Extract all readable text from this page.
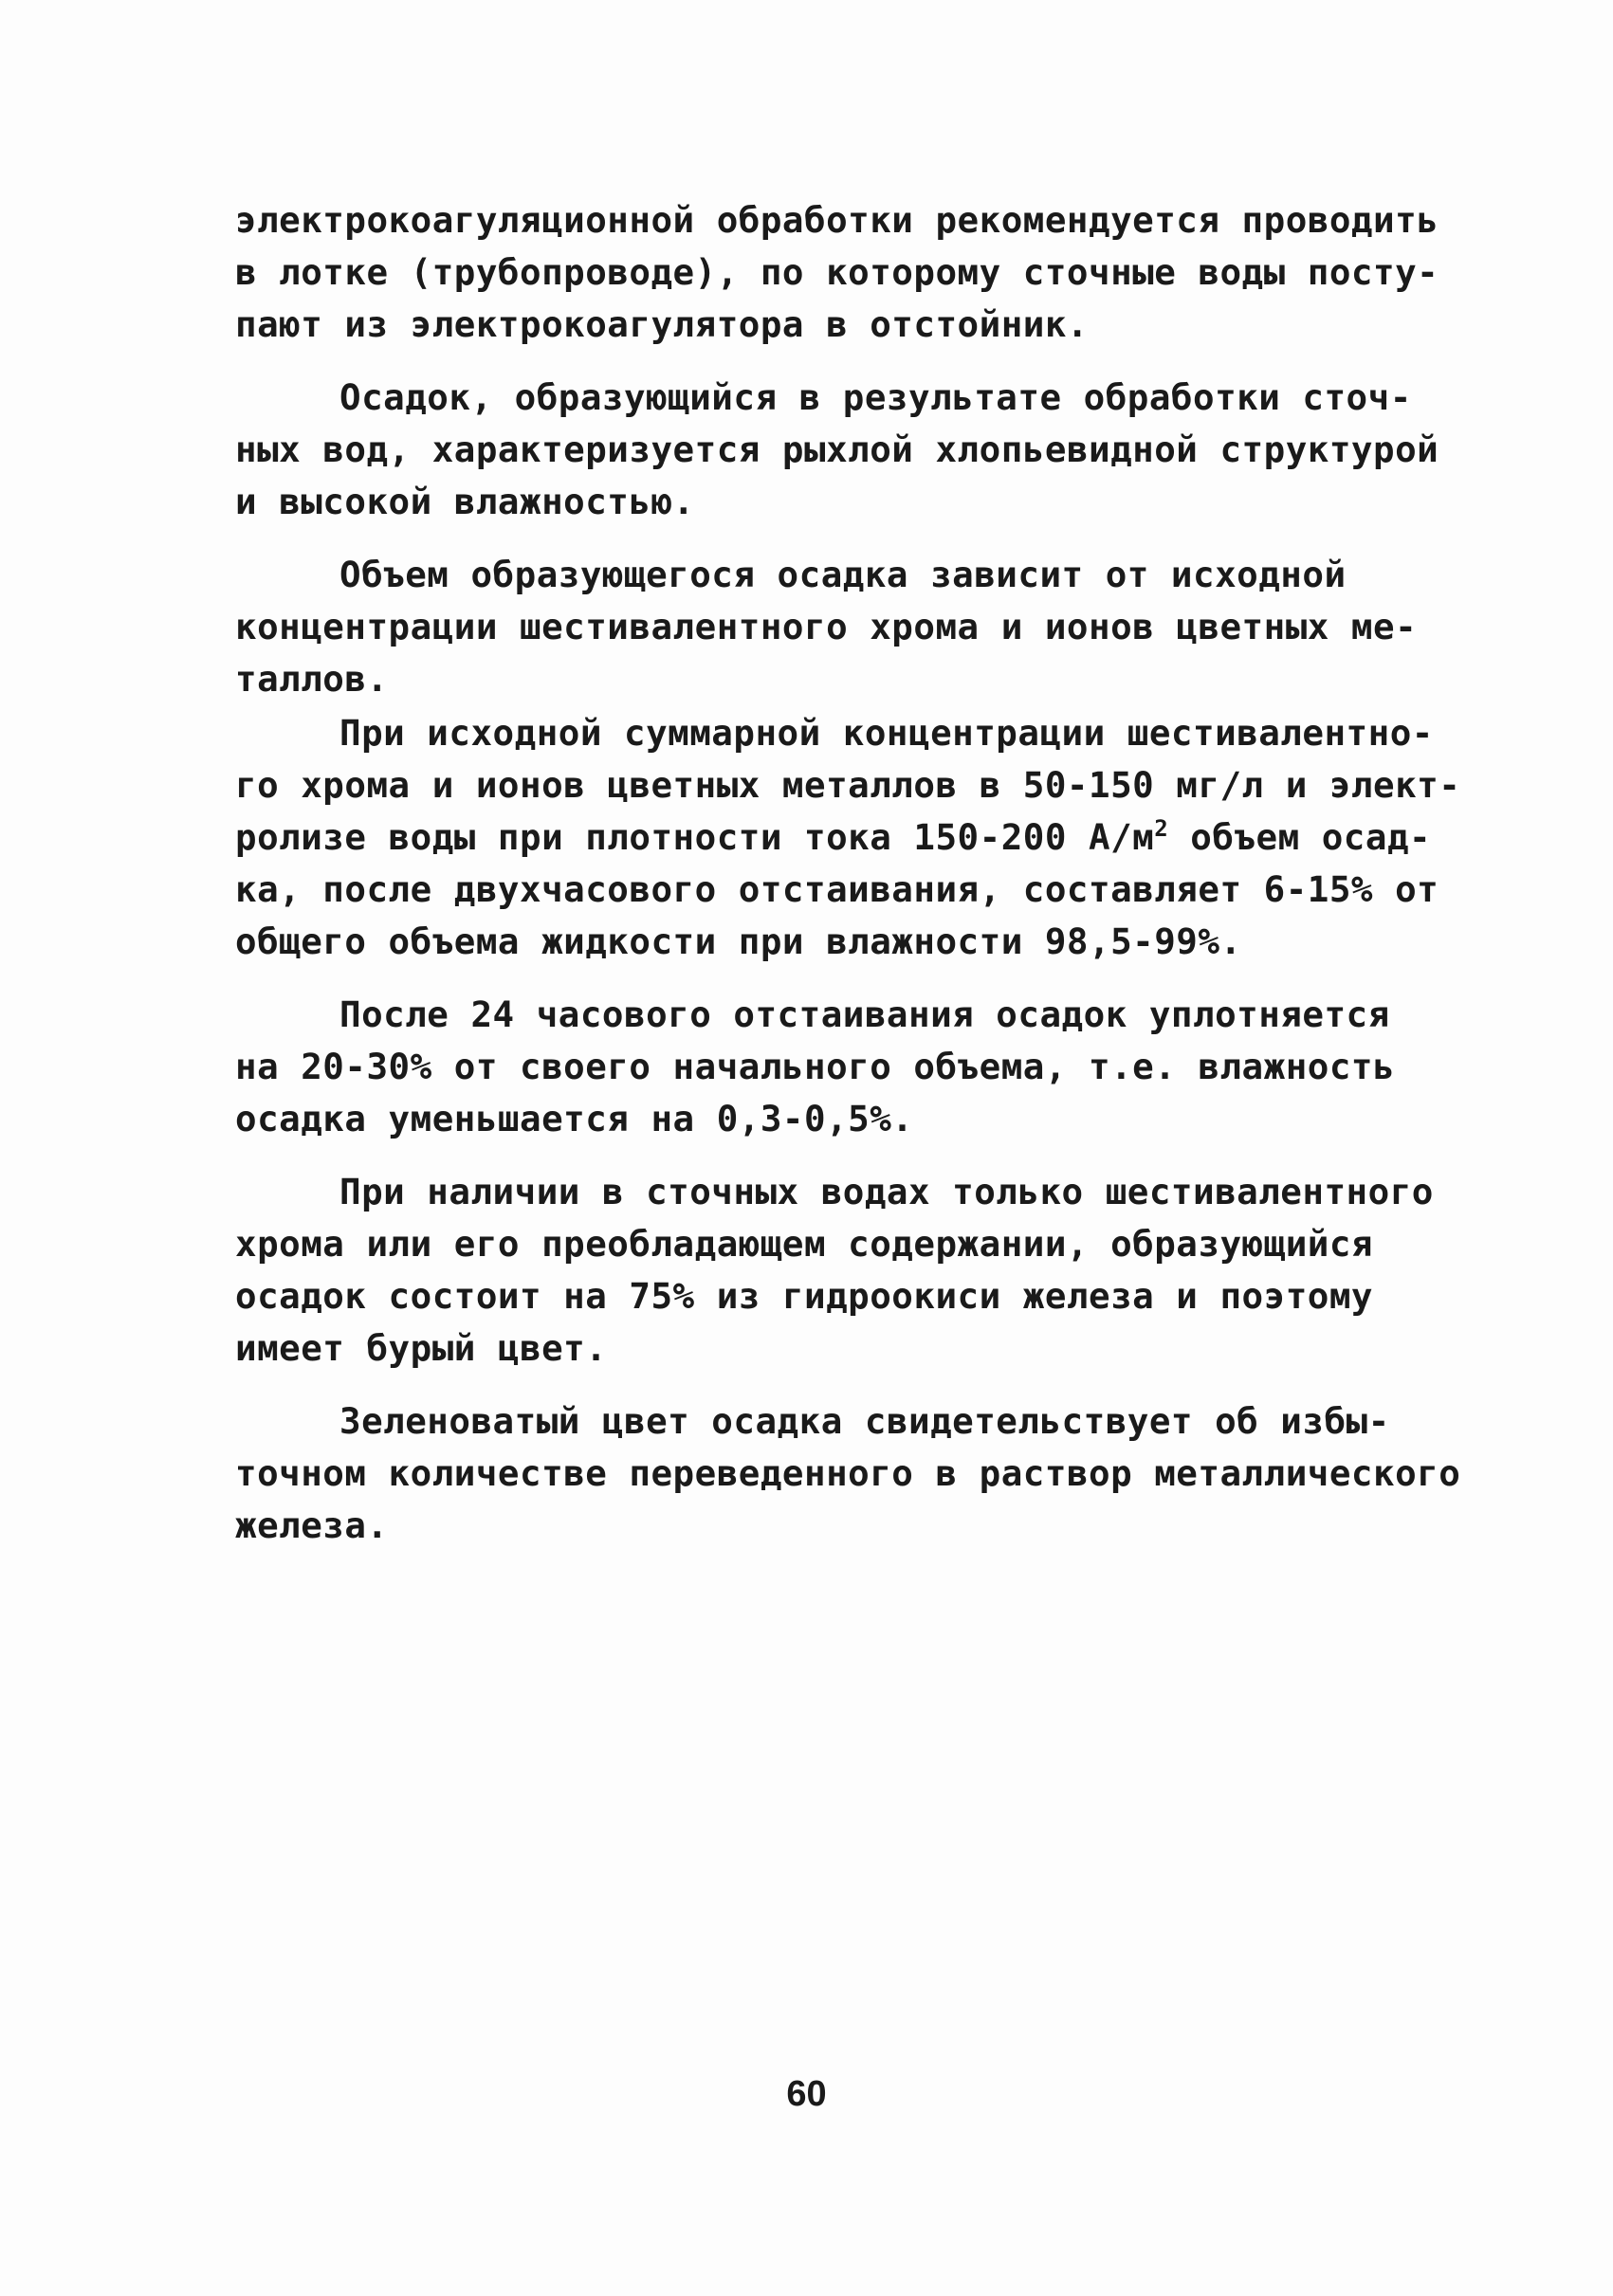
электрокоагуляционной обработки рекомендуется проводить
в лотке (трубопроводе), по которому сточные воды посту-
пают из электрокоагулятора в отстойник.

Осадок, образующийся в результате обработки сточ-
ных вод, характеризуется рыхлой хлопьевидной структурой
и высокой влажностью.

Объем образующегося осадка зависит от исходной
концентрации шестивалентного хрома и ионов цветных ме-
таллов.

При исходной суммарной концентрации шестивалентно-
го хрома и ионов цветных металлов в 50-150 мг/л и элект-
ролизе воды при плотности тока 150-200 $А/м^2$ объем осад-
ка, после двухчасового отстаивания, составляет 6-15% от
общего объема жидкости при влажности 98,5-99%.

После 24 часового отстаивания осадок уплотняется
на 20-30% от своего начального объема, т.е. влажность
осадка уменьшается на 0,3-0,5%.

При наличии в сточных водах только шестивалентного
хрома или его преобладающем содержании, образующийся
осадок состоит на 75% из гидроокиси железа и поэтому
имеет бурый цвет.

Зеленоватый цвет осадка свидетельствует об избы-
точном количестве переведенного в раствор металлического
железа.

60
